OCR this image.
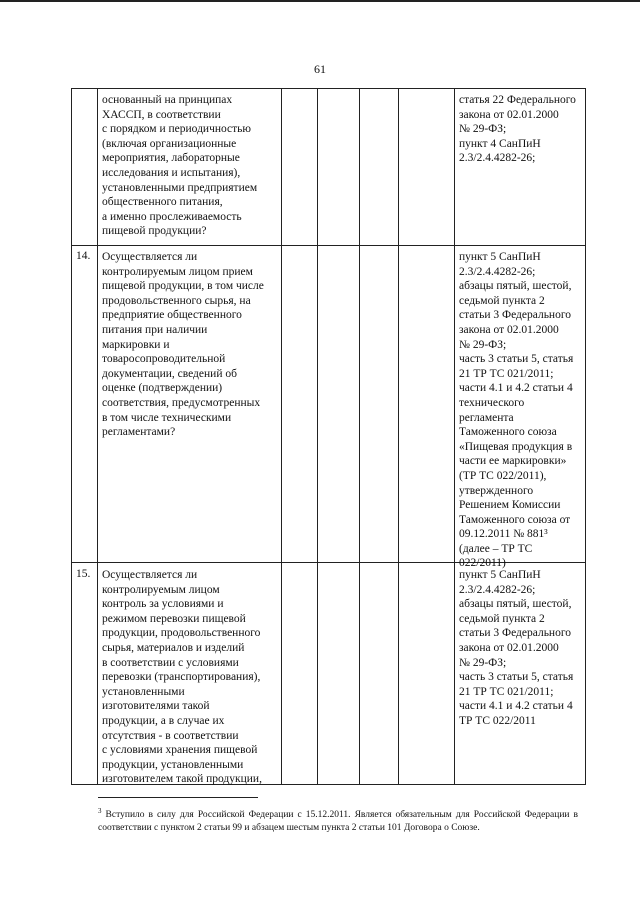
61
основанный на принципах
ХАССП, в соответствии
с порядком и периодичностью
(включая организационные
мероприятия, лабораторные
исследования и испытания),
установленными предприятием
общественного питания,
а именно прослеживаемость
пищевой продукции?
статья 22 Федерального
закона от 02.01.2000
№ 29-ФЗ;
пункт 4 СанПиН
2.3/2.4.4282-26;
14. Осуществляется ли
контролируемым лицом прием
пищевой продукции, в том числе
продовольственного сырья, на
предприятие общественного
питания при наличии
маркировки и
товаросопроводительной
документации, сведений об
оценке (подтверждении)
соответствия, предусмотренных
в том числе техническими
регламентами?
пункт 5 СанПиН
2.3/2.4.4282-26;
абзацы пятый, шестой,
седьмой пункта 2
статьи 3 Федерального
закона от 02.01.2000
№ 29-ФЗ;
часть 3 статьи 5, статья
21 ТР ТС 021/2011;
части 4.1 и 4.2 статьи 4
технического
регламента
Таможенного союза
«Пищевая продукция в
части ее маркировки»
(ТР ТС 022/2011),
утвержденного
Решением Комиссии
Таможенного союза от
09.12.2011 № 881³
(далее – ТР ТС
022/2011)
15. Осуществляется ли
контролируемым лицом
контроль за условиями и
режимом перевозки пищевой
продукции, продовольственного
сырья, материалов и изделий
в соответствии с условиями
перевозки (транспортирования),
установленными
изготовителями такой
продукции, а в случае их
отсутствия - в соответствии
с условиями хранения пищевой
продукции, установленными
изготовителем такой продукции,
пункт 5 СанПиН
2.3/2.4.4282-26;
абзацы пятый, шестой,
седьмой пункта 2
статьи 3 Федерального
закона от 02.01.2000
№ 29-ФЗ;
часть 3 статьи 5, статья
21 ТР ТС 021/2011;
части 4.1 и 4.2 статьи 4
ТР ТС 022/2011
$^3$ Вступило в силу для Российской Федерации с 15.12.2011. Является обязательным для Российской Федерации в соответствии с пунктом 2 статьи 99 и абзацем шестым пункта 2 статьи 101 Договора о Союзе.
